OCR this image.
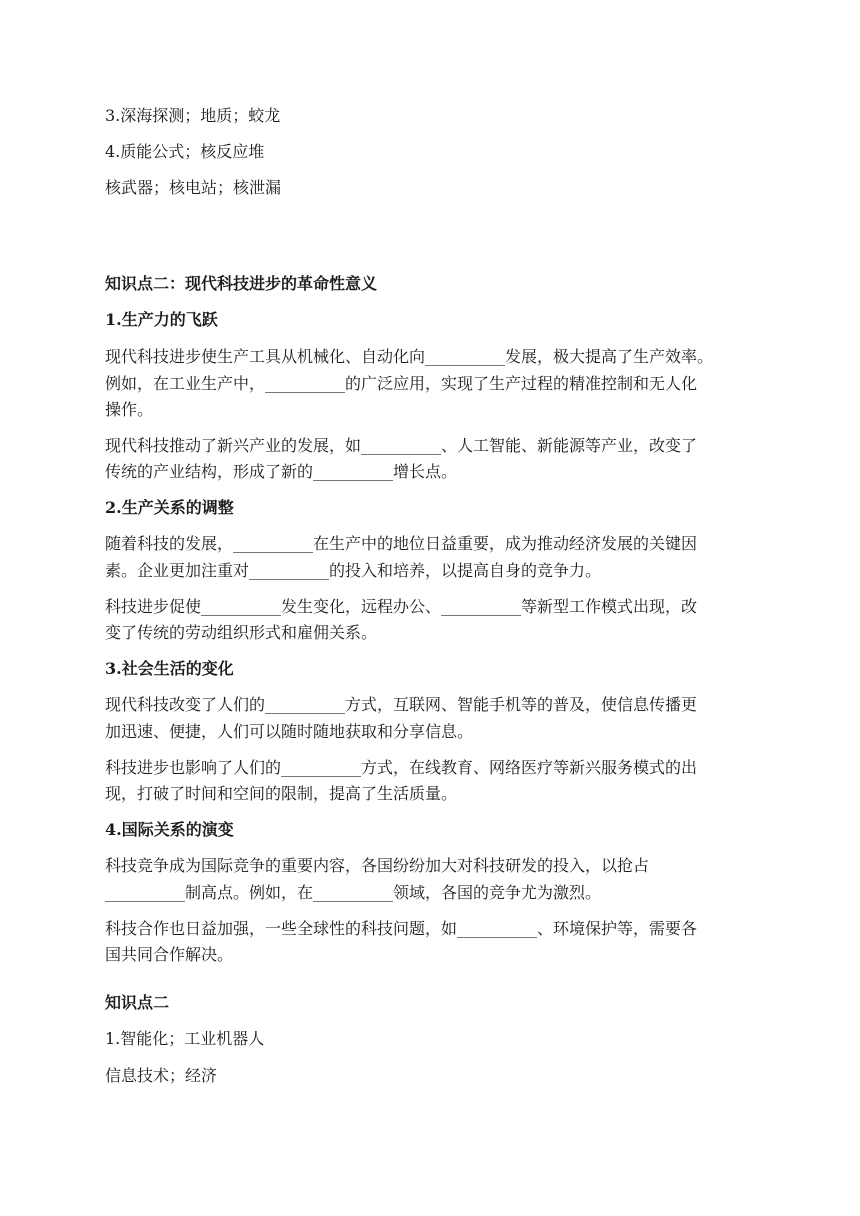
3.深海探测；地质；蛟龙
4.质能公式；核反应堆
核武器；核电站；核泄漏
知识点二：现代科技进步的革命性意义
1.生产力的飞跃
现代科技进步使生产工具从机械化、自动化向__________发展，极大提高了生产效率。
例如，在工业生产中，__________的广泛应用，实现了生产过程的精准控制和无人化
操作。
现代科技推动了新兴产业的发展，如__________、人工智能、新能源等产业，改变了
传统的产业结构，形成了新的__________增长点。
2.生产关系的调整
随着科技的发展，__________在生产中的地位日益重要，成为推动经济发展的关键因
素。企业更加注重对__________的投入和培养，以提高自身的竞争力。
科技进步促使__________发生变化，远程办公、__________等新型工作模式出现，改
变了传统的劳动组织形式和雇佣关系。
3.社会生活的变化
现代科技改变了人们的__________方式，互联网、智能手机等的普及，使信息传播更
加迅速、便捷，人们可以随时随地获取和分享信息。
科技进步也影响了人们的__________方式，在线教育、网络医疗等新兴服务模式的出
现，打破了时间和空间的限制，提高了生活质量。
4.国际关系的演变
科技竞争成为国际竞争的重要内容，各国纷纷加大对科技研发的投入，以抢占
__________制高点。例如，在__________领域，各国的竞争尤为激烈。
科技合作也日益加强，一些全球性的科技问题，如__________、环境保护等，需要各
国共同合作解决。
知识点二
1.智能化；工业机器人
信息技术；经济
